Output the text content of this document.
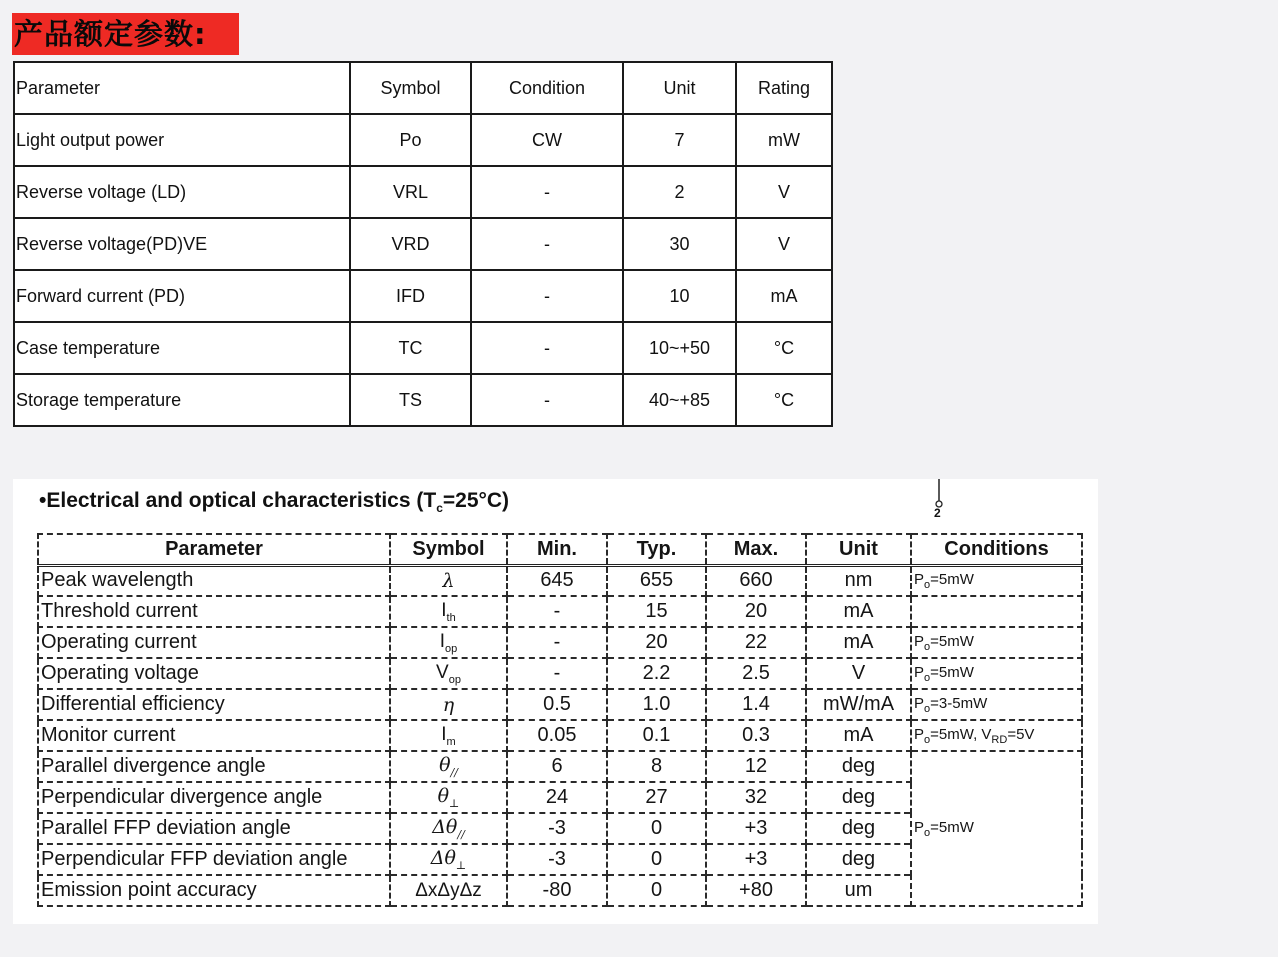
产品额定参数:
Parameter	Symbol	Condition	Unit	Rating
Light output power	Po	CW	7	mW
Reverse voltage (LD)	VRL	-	2	V
Reverse voltage(PD)VE	VRD	-	30	V
Forward current (PD)	IFD	-	10	mA
Case temperature	TC	-	10~+50	°C
Storage temperature	TS	-	40~+85	°C
•Electrical and optical characteristics $(T_c=25^\circ C)$
2
Parameter	Symbol	Min.	Typ.	Max.	Unit	Conditions
Peak wavelength	λ	645	655	660	nm	$P_o=5mW$
Threshold current	$I_{th}$	-	15	20	mA	
Operating current	$I_{op}$	-	20	22	mA	$P_o=5mW$
Operating voltage	$V_{op}$	-	2.2	2.5	V	$P_o=5mW$
Differential efficiency	η	0.5	1.0	1.4	mW/mA	$P_o=3-5mW$
Monitor current	$I_m$	0.05	0.1	0.3	mA	$P_o=5mW$, $V_{RD}=5V$
Parallel divergence angle	$\theta_{//}$	6	8	12	deg	$P_o=5mW$
Perpendicular divergence angle	$\theta_\perp$	24	27	32	deg	
Parallel FFP deviation angle	$\Delta\theta_{//}$	-3	0	+3	deg	
Perpendicular FFP deviation angle	$\Delta\theta_\perp$	-3	0	+3	deg	
Emission point accuracy	ΔxΔyΔz	-80	0	+80	um	
